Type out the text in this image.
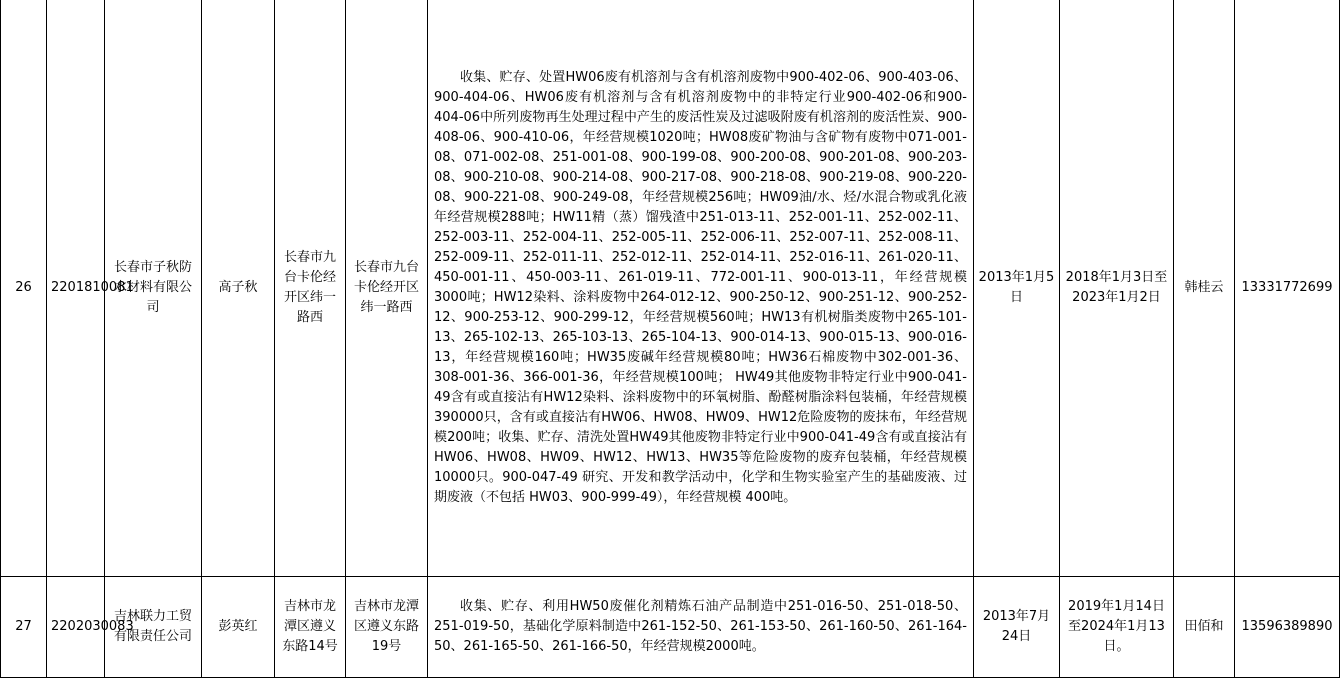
26	2201810081	长春市子秋防水材料有限公司	高子秋	长春市九台卡伦经开区纬一路西	长春市九台卡伦经开区纬一路西	收集、贮存、处置HW06废有机溶剂与含有机溶剂废物中900-402-06、900-403-06、900-404-06、HW06废有机溶剂与含有机溶剂废物中的非特定行业900-402-06和900-404-06中所列废物再生处理过程中产生的废活性炭及过滤吸附废有机溶剂的废活性炭、900-408-06、900-410-06，年经营规模1020吨；HW08废矿物油与含矿物有废物中071-001-08、071-002-08、251-001-08、900-199-08、900-200-08、900-201-08、900-203-08、900-210-08、900-214-08、900-217-08、900-218-08、900-219-08、900-220-08、900-221-08、900-249-08，年经营规模256吨；HW09油/水、烃/水混合物或乳化液年经营规模288吨；HW11精（蒸）馏残渣中251-013-11、252-001-11、252-002-11、252-003-11、252-004-11、252-005-11、252-006-11、252-007-11、252-008-11、252-009-11、252-011-11、252-012-11、252-014-11、252-016-11、261-020-11、450-001-11、450-003-11、261-019-11、772-001-11、900-013-11，年经营规模3000吨；HW12染料、涂料废物中264-012-12、900-250-12、900-251-12、900-252-12、900-253-12、900-299-12，年经营规模560吨；HW13有机树脂类废物中265-101-13、265-102-13、265-103-13、265-104-13、900-014-13、900-015-13、900-016-13，年经营规模160吨；HW35废碱年经营规模80吨；HW36石棉废物中302-001-36、308-001-36、366-001-36，年经营规模100吨； HW49其他废物非特定行业中900-041-49含有或直接沾有HW12染料、涂料废物中的环氧树脂、酚醛树脂涂料包装桶，年经营规模390000只，含有或直接沾有HW06、HW08、HW09、HW12危险废物的废抹布，年经营规模200吨；收集、贮存、清洗处置HW49其他废物非特定行业中900-041-49含有或直接沾有HW06、HW08、HW09、HW12、HW13、HW35等危险废物的废弃包装桶，年经营规模10000只。900-047-49 研究、开发和教学活动中，化学和生物实验室产生的基础废液、过期废液（不包括 HW03、900-999-49），年经营规模 400吨。	2013年1月5日	2018年1月3日至2023年1月2日	韩桂云	13331772699
27	2202030083	吉林联力工贸有限责任公司	彭英红	吉林市龙潭区遵义东路14号	吉林市龙潭区遵义东路19号	收集、贮存、利用HW50废催化剂精炼石油产品制造中251-016-50、251-018-50、251-019-50，基础化学原料制造中261-152-50、261-153-50、261-160-50、261-164-50、261-165-50、261-166-50，年经营规模2000吨。	2013年7月24日	2019年1月14日至2024年1月13日。	田佰和	13596389890
